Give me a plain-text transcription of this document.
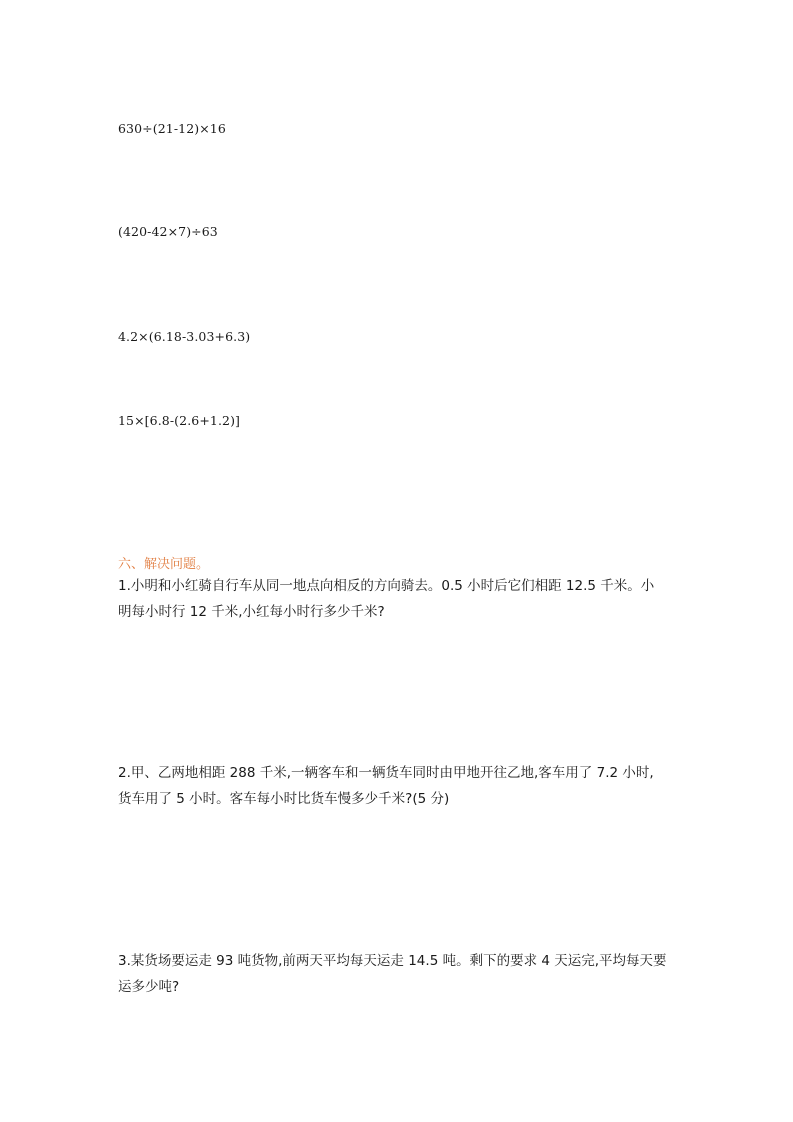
630÷(21-12)×16
(420-42×7)÷63
4.2×(6.18-3.03+6.3)
15×[6.8-(2.6+1.2)]
六、解决问题。
1.小明和小红骑自行车从同一地点向相反的方向骑去。0.5 小时后它们相距 12.5 千米。小
明每小时行 12 千米,小红每小时行多少千米?
2.甲、乙两地相距 288 千米,一辆客车和一辆货车同时由甲地开往乙地,客车用了 7.2 小时,
货车用了 5 小时。客车每小时比货车慢多少千米?(5 分)
3.某货场要运走 93 吨货物,前两天平均每天运走 14.5 吨。剩下的要求 4 天运完,平均每天要
运多少吨?
